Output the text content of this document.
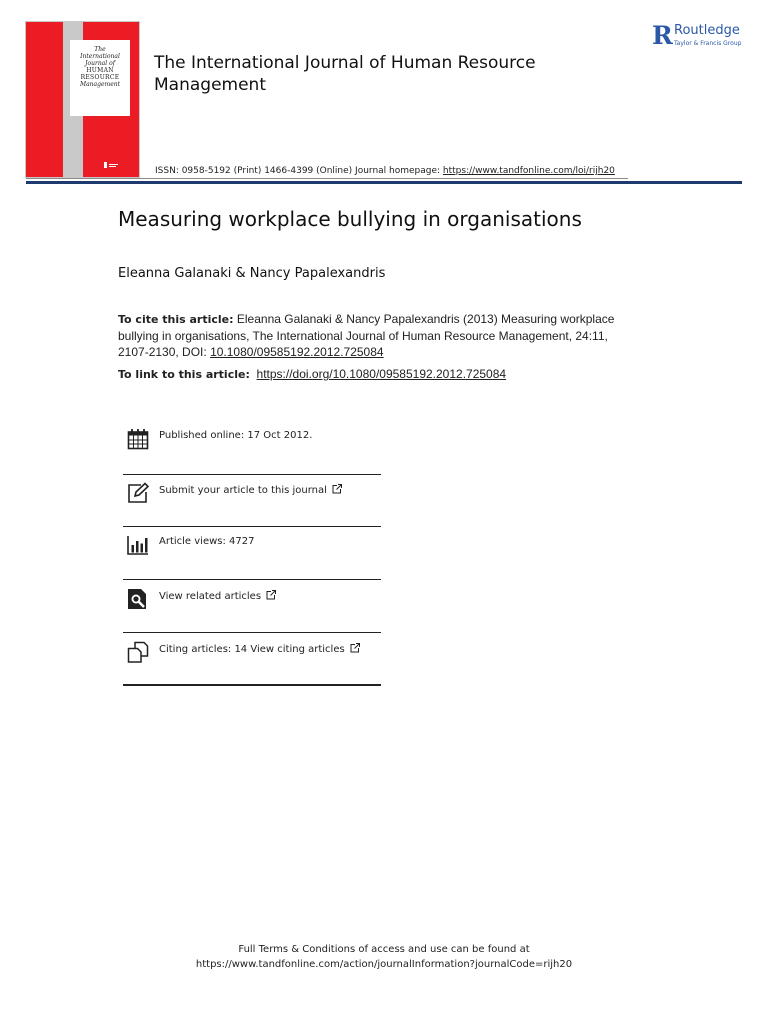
The
International
Journal of
HUMAN
RESOURCE
Management
The International Journal of Human Resource Management
R Routledge
Taylor & Francis Group
ISSN: 0958-5192 (Print) 1466-4399 (Online) Journal homepage: https://www.tandfonline.com/loi/rijh20
Measuring workplace bullying in organisations
Eleanna Galanaki & Nancy Papalexandris
To cite this article: Eleanna Galanaki & Nancy Papalexandris (2013) Measuring workplace bullying in organisations, The International Journal of Human Resource Management, 24:11, 2107-2130, DOI: 10.1080/09585192.2012.725084
To link to this article: https://doi.org/10.1080/09585192.2012.725084
Published online: 17 Oct 2012.
Submit your article to this journal
Article views: 4727
View related articles
Citing articles: 14 View citing articles
Full Terms & Conditions of access and use can be found at
https://www.tandfonline.com/action/journalInformation?journalCode=rijh20
